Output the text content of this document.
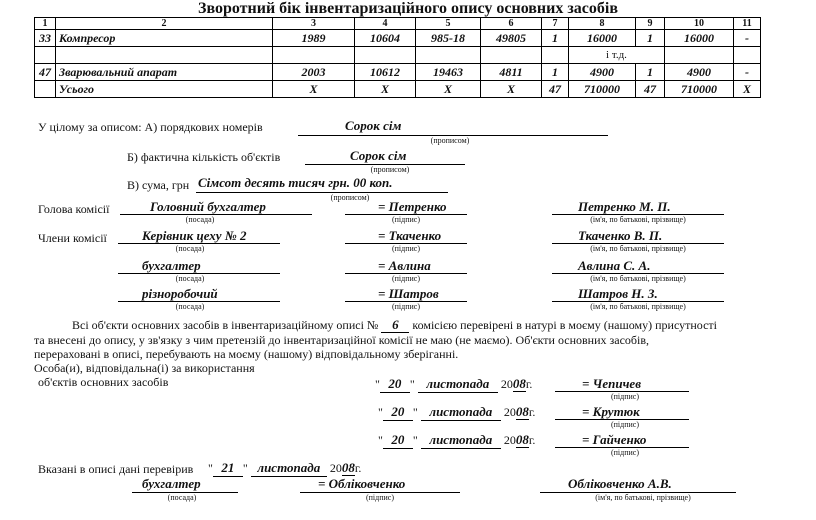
Зворотний бік інвентаризаційного опису основних засобів
1	2	3	4	5	6	7	8	9	10	11
33	Компресор	1989	10604	985-18	49805	1	16000	1	16000	-
							і т.д.			
47	Зварювальний апарат	2003	10612	19463	4811	1	4900	1	4900	-
	Усього	Х	Х	Х	Х	47	710000	47	710000	Х
У цілому за описом: А) порядкових номерів	Сорок сім
(прописом)
Б) фактична кількість об'єктів	Сорок сім
(прописом)
В) сума, грн Сімсот десять тисяч грн. 00 коп.
(прописом)
Голова комісії
Члени комісії
Головний бухгалтер
(посада)
= Петренко
(підпис)
Петренко М. П.
(ім'я, по батькові, прізвище)
Керівник цеху № 2
(посада)
= Ткаченко
(підпис)
Ткаченко В. П.
(ім'я, по батькові, прізвище)
бухгалтер
(посада)
= Авлина
(підпис)
Авлина С. А.
(ім'я, по батькові, прізвище)
різноробочий
(посада)
= Шатров
(підпис)
Шатров Н. З.
(ім'я, по батькові, прізвище)
Всі об'єкти основних засобів в інвентаризаційному описі № 6 комісією перевірені в натурі в моєму (нашому) присутності
та внесені до опису, у зв'язку з чим претензій до інвентаризаційної комісії не маю (не маємо). Об'єкти основних засобів,
перераховані в описі, перебувають на моєму (нашому) відповідальному зберіганні.
Особа(и), відповідальна(і) за використання
об'єктів основних засобів	" 20 " листопада 2008г.	= Чепичев
(підпис)
" 20 " листопада 2008г.	= Крутюк
(підпис)
" 20 " листопада 2008г.	= Гайченко
(підпис)
Вказані в описі дані перевірив " 21 " листопада 2008г.
бухгалтер
(посада)
= Обліковченко
(підпис)
Обліковченко А.В.
(ім'я, по батькові, прізвище)
